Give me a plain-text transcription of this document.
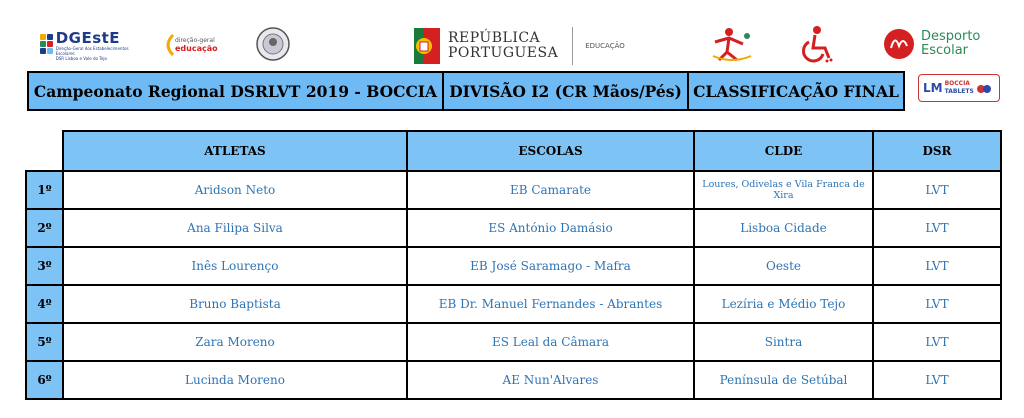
DGEstE
Direção-Geral dos Estabelecimentos Escolares
DSR Lisboa e Vale do Tejo
direção-geral
educação
REPÚBLICA
PORTUGUESA	EDUCAÇÃO
Desporto
Escolar
LM BOCCIA
TABLETS
Campeonato Regional DSRLVT 2019 - BOCCIA DIVISÃO I2 (CR Mãos/Pés) CLASSIFICAÇÃO FINAL
	ATLETAS	ESCOLAS	CLDE	DSR
1º	Aridson Neto	EB Camarate	Loures, Odivelas e Vila Franca de Xira	LVT
2º	Ana Filipa Silva	ES António Damásio	Lisboa Cidade	LVT
3º	Inês Lourenço	EB José Saramago - Mafra	Oeste	LVT
4º	Bruno Baptista	EB Dr. Manuel Fernandes - Abrantes	Lezíria e Médio Tejo	LVT
5º	Zara Moreno	ES Leal da Câmara	Sintra	LVT
6º	Lucinda Moreno	AE Nun'Alvares	Península de Setúbal	LVT
